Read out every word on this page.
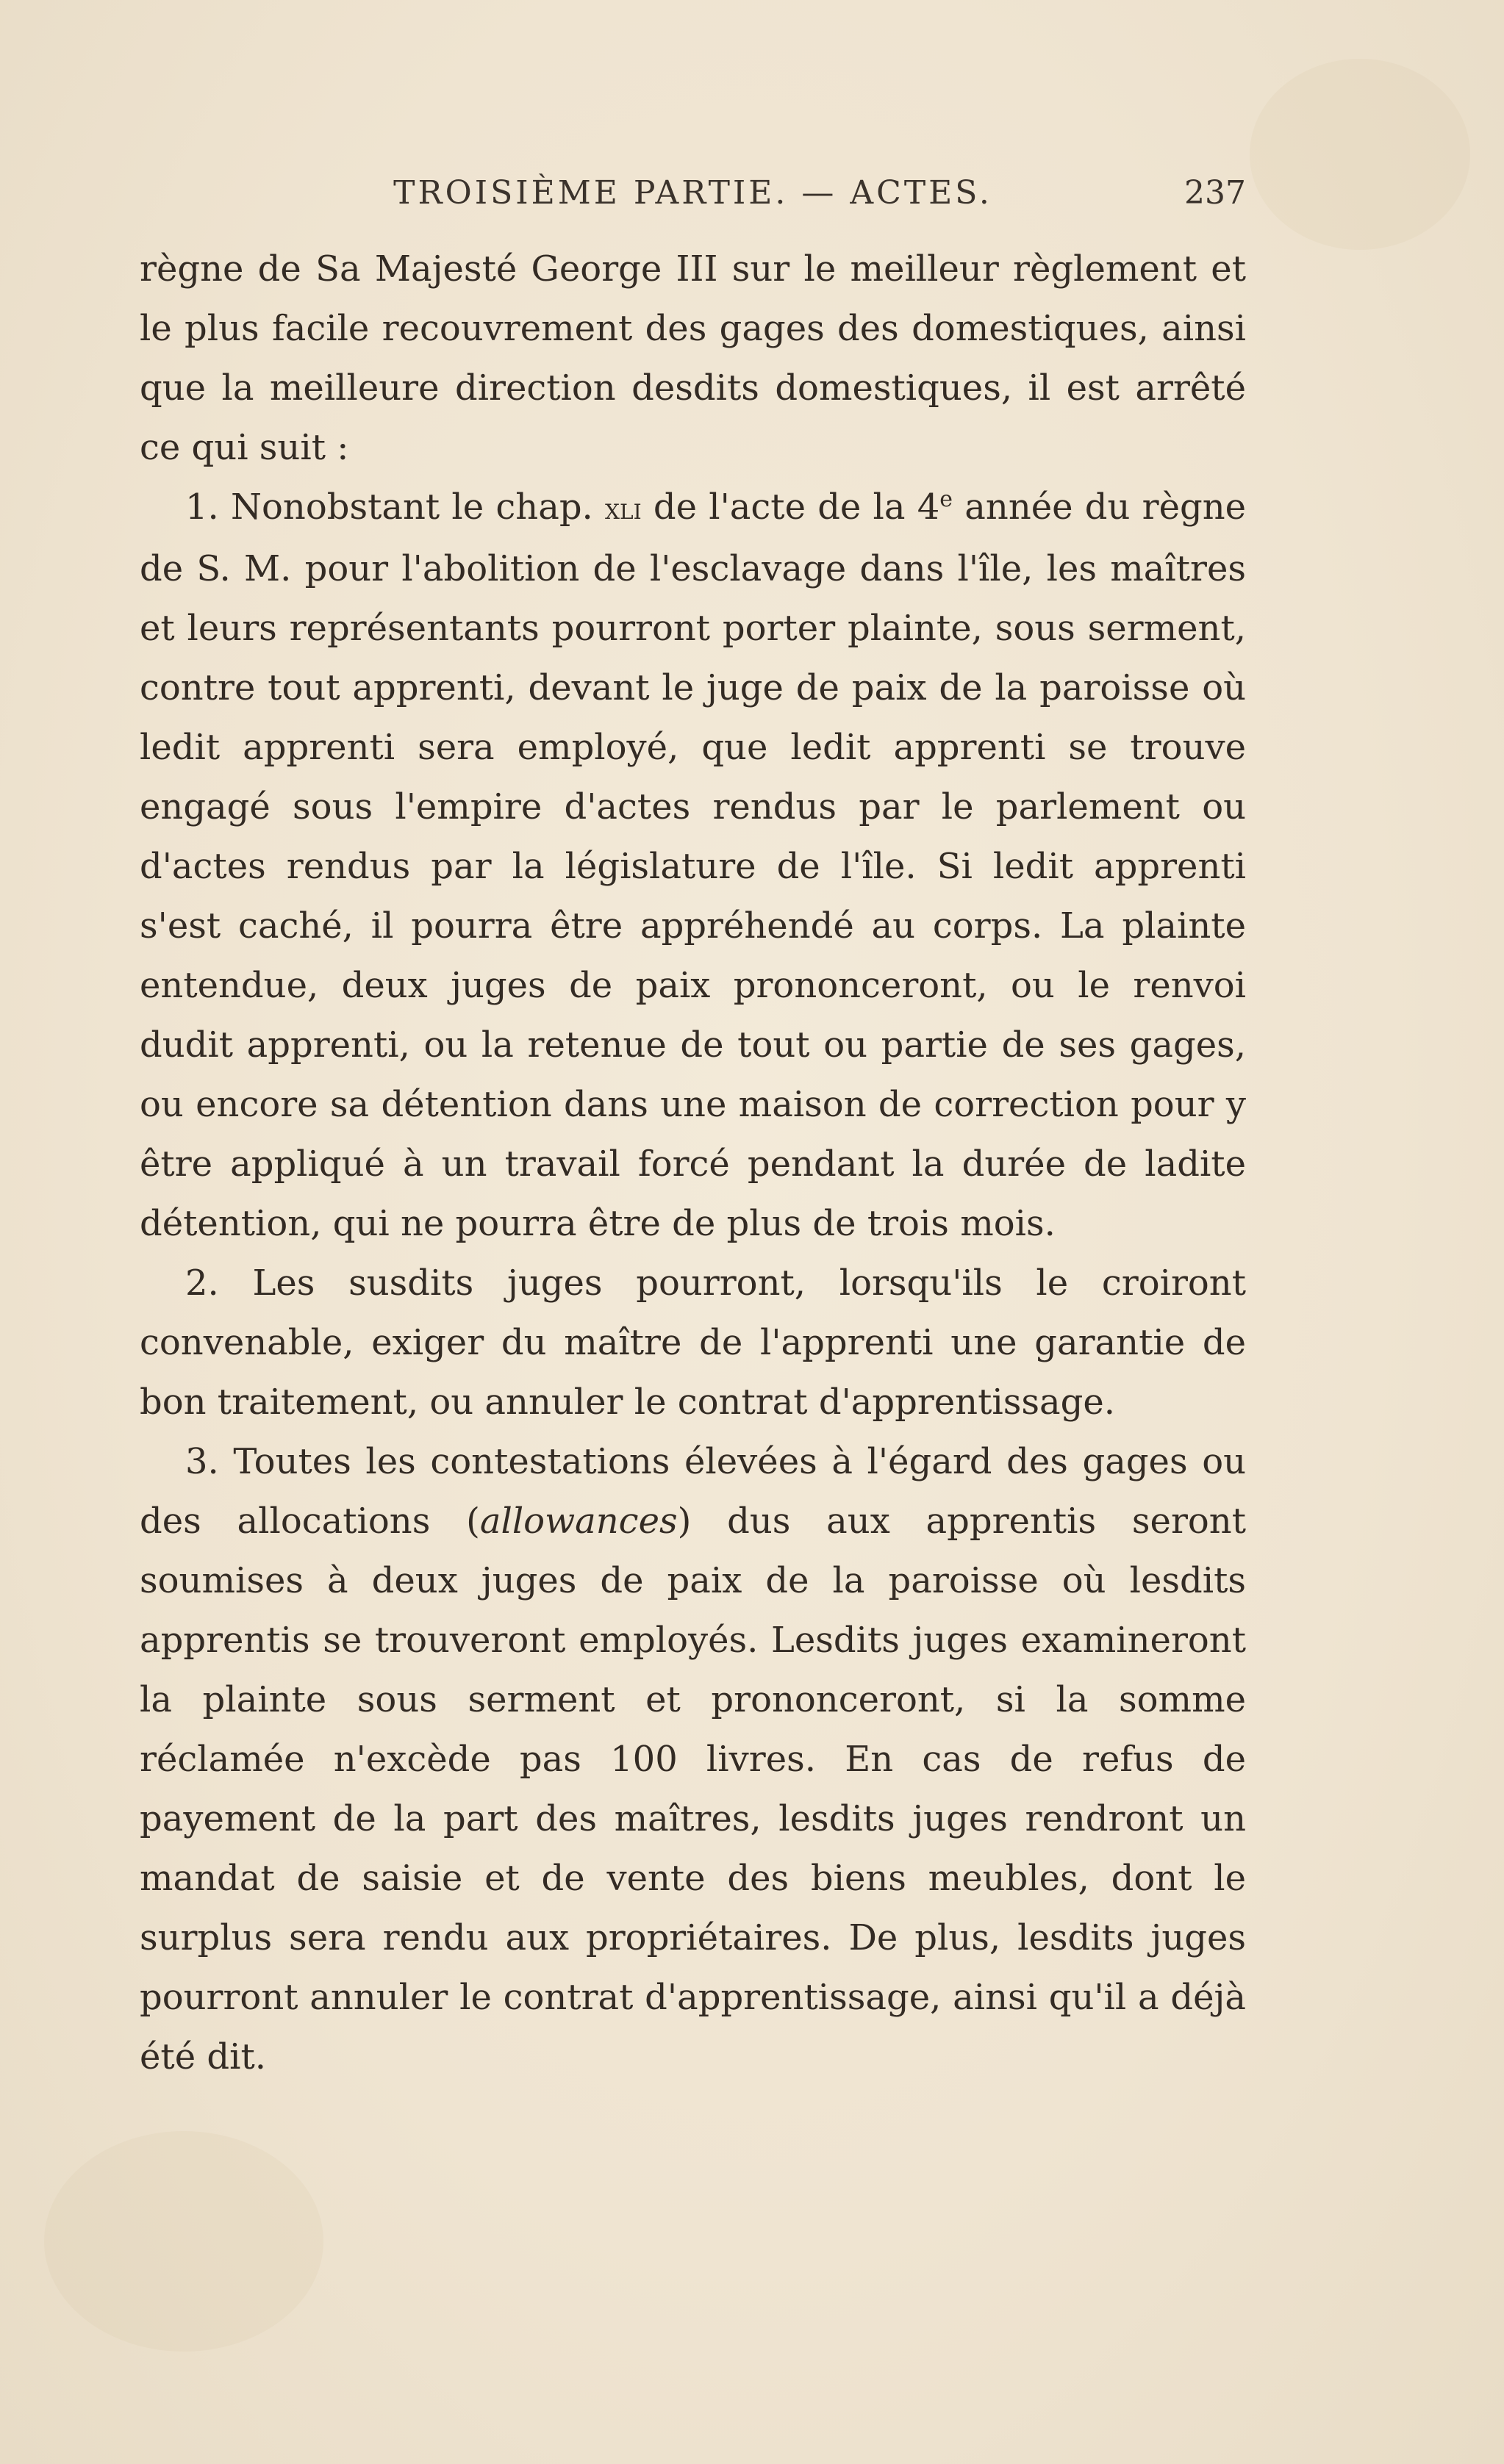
TROISIÈME PARTIE. — ACTES.	237

règne de Sa Majesté George III sur le meilleur règlement et le plus facile recouvrement des gages des domestiques, ainsi que la meilleure direction desdits domestiques, il est arrêté ce qui suit :

1. Nonobstant le chap. xli de l'acte de la 4e année du règne de S. M. pour l'abolition de l'esclavage dans l'île, les maîtres et leurs représentants pourront porter plainte, sous serment, contre tout apprenti, devant le juge de paix de la paroisse où ledit apprenti sera employé, que ledit apprenti se trouve engagé sous l'empire d'actes rendus par le parlement ou d'actes rendus par la législature de l'île. Si ledit apprenti s'est caché, il pourra être appréhendé au corps. La plainte entendue, deux juges de paix prononceront, ou le renvoi dudit apprenti, ou la retenue de tout ou partie de ses gages, ou encore sa détention dans une maison de correction pour y être appliqué à un travail forcé pendant la durée de ladite détention, qui ne pourra être de plus de trois mois.

2. Les susdits juges pourront, lorsqu'ils le croiront convenable, exiger du maître de l'apprenti une garantie de bon traitement, ou annuler le contrat d'apprentissage.

3. Toutes les contestations élevées à l'égard des gages ou des allocations (allowances) dus aux apprentis seront soumises à deux juges de paix de la paroisse où lesdits apprentis se trouveront employés. Lesdits juges examineront la plainte sous serment et prononceront, si la somme réclamée n'excède pas 100 livres. En cas de refus de payement de la part des maîtres, lesdits juges rendront un mandat de saisie et de vente des biens meubles, dont le surplus sera rendu aux propriétaires. De plus, lesdits juges pourront annuler le contrat d'apprentissage, ainsi qu'il a déjà été dit.
